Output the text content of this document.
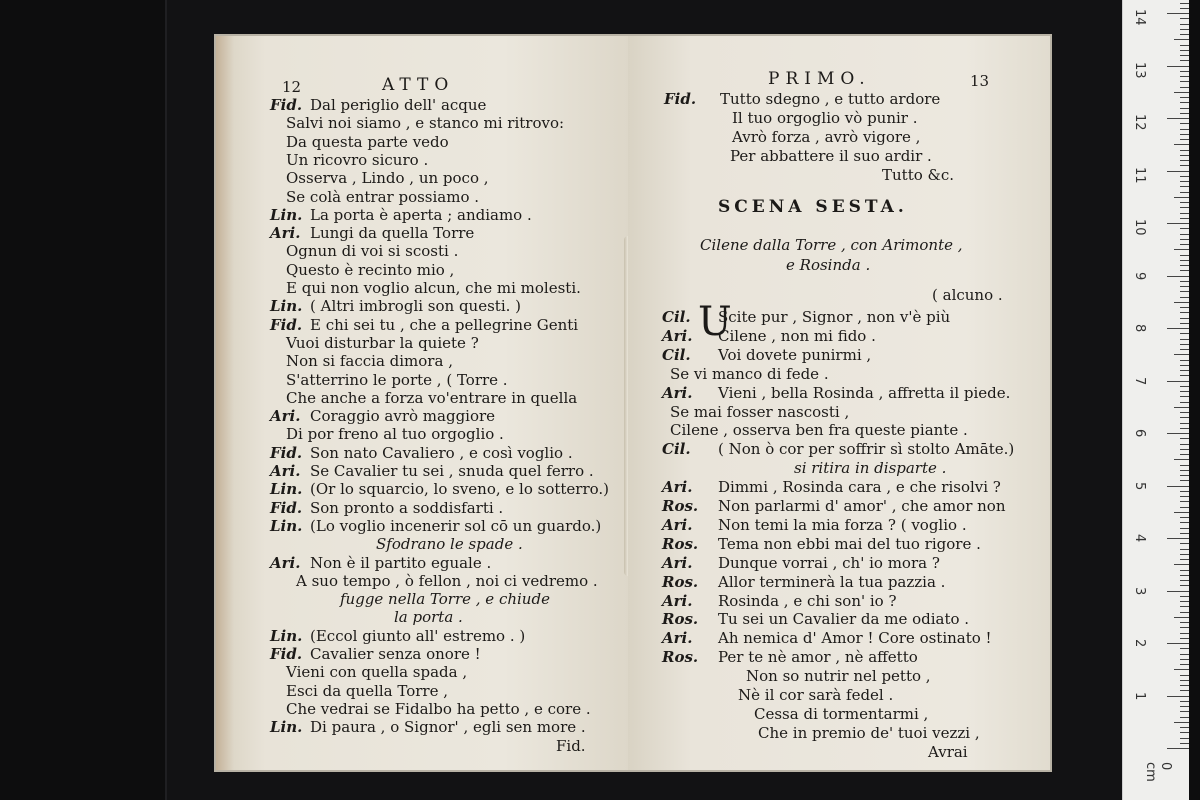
12	ATTO
Fid. Dal periglio dell' acque
Salvi noi siamo , e stanco mi ritrovo:
Da questa parte vedo
Un ricovro sicuro .
Osserva , Lindo , un poco ,
Se colà entrar possiamo .
Lin. La porta è aperta ; andiamo .
Ari. Lungi da quella Torre
Ognun di voi si scosti .
Questo è recinto mio ,
E qui non voglio alcun, che mi molesti.
Lin. ( Altri imbrogli son questi. )
Fid. E chi sei tu , che a pellegrine Genti
Vuoi disturbar la quiete ?
Non si faccia dimora ,
S'atterrino le porte , ( Torre .
Che anche a forza vo'entrare in quella
Ari. Coraggio avrò maggiore
Di por freno al tuo orgoglio .
Fid. Son nato Cavaliero , e così voglio .
Ari. Se Cavalier tu sei , snuda quel ferro .
Lin. (Or lo squarcio, lo sveno, e lo sotterro.)
Fid. Son pronto a soddisfarti .
Lin. (Lo voglio incenerir sol cō un guardo.)
Sfodrano le spade .
Ari. Non è il partito eguale .
A suo tempo , ò fellon , noi ci vedremo .
fugge nella Torre , e chiude
la porta .
Lin. (Eccol giunto all' estremo . )
Fid. Cavalier senza onore !
Vieni con quella spada ,
Esci da quella Torre ,
Che vedrai se Fidalbo ha petto , e core .
Lin. Di paura , o Signor' , egli sen more .
Fid.
PRIMO.	13
Fid. Tutto sdegno , e tutto ardore
Il tuo orgoglio vò punir .
Avrò forza , avrò vigore ,
Per abbattere il suo ardir .
Tutto &c.
SCENA SESTA.
Cilene dalla Torre , con Arimonte ,
e Rosinda .
( alcuno .
U
Cil. Scite pur , Signor , non v'è più
Ari. Cilene , non mi fido .
Cil. Voi dovete punirmi ,
Se vi manco di fede .
Ari. Vieni , bella Rosinda , affretta il piede.
Se mai fosser nascosti ,
Cilene , osserva ben fra queste piante .
Cil. ( Non ò cor per soffrir sì stolto Amāte.)
si ritira in disparte .
Ari. Dimmi , Rosinda cara , e che risolvi ?
Ros. Non parlarmi d' amor' , che amor non
Ari. Non temi la mia forza ? ( voglio .
Ros. Tema non ebbi mai del tuo rigore .
Ari. Dunque vorrai , ch' io mora ?
Ros. Allor terminerà la tua pazzia .
Ari. Rosinda , e chi son' io ?
Ros. Tu sei un Cavalier da me odiato .
Ari. Ah nemica d' Amor ! Core ostinato !
Ros. Per te nè amor , nè affetto
Non so nutrir nel petto ,
Nè il cor sarà fedel .
Cessa di tormentarmi ,
Che in premio de' tuoi vezzi ,
Avrai
1
2
3
4
5
6
7
8
9
10
11
12
13
14
0 cm
